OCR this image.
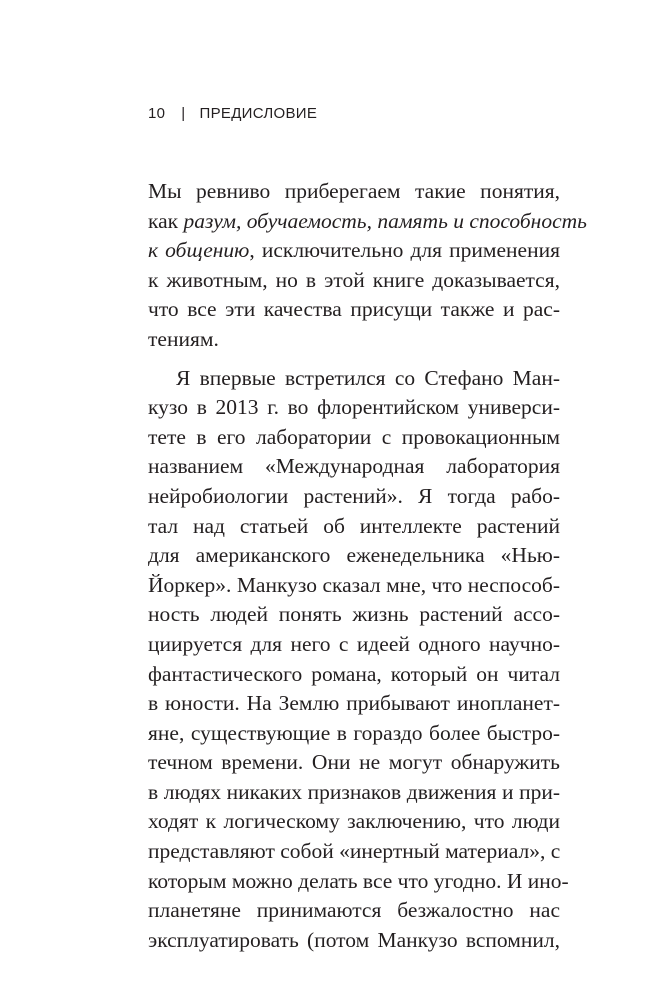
10 | ПРЕДИСЛОВИЕ
Мы ревниво приберегаем такие понятия,
как разум, обучаемость, память и способность
к общению, исключительно для применения
к животным, но в этой книге доказывается,
что все эти качества присущи также и рас-
тениям.
Я впервые встретился со Стефано Ман-
кузо в 2013 г. во флорентийском универси-
тете в его лаборатории с провокационным
названием «Международная лаборатория
нейробиологии растений». Я тогда рабо-
тал над статьей об интеллекте растений
для американского еженедельника «Нью-
Йоркер». Манкузо сказал мне, что неспособ-
ность людей понять жизнь растений ассо-
циируется для него с идеей одного научно-
фантастического романа, который он читал
в юности. На Землю прибывают инопланет-
яне, существующие в гораздо более быстро-
течном времени. Они не могут обнаружить
в людях никаких признаков движения и при-
ходят к логическому заключению, что люди
представляют собой «инертный материал», с
которым можно делать все что угодно. И ино-
планетяне принимаются безжалостно нас
эксплуатировать (потом Манкузо вспомнил,
